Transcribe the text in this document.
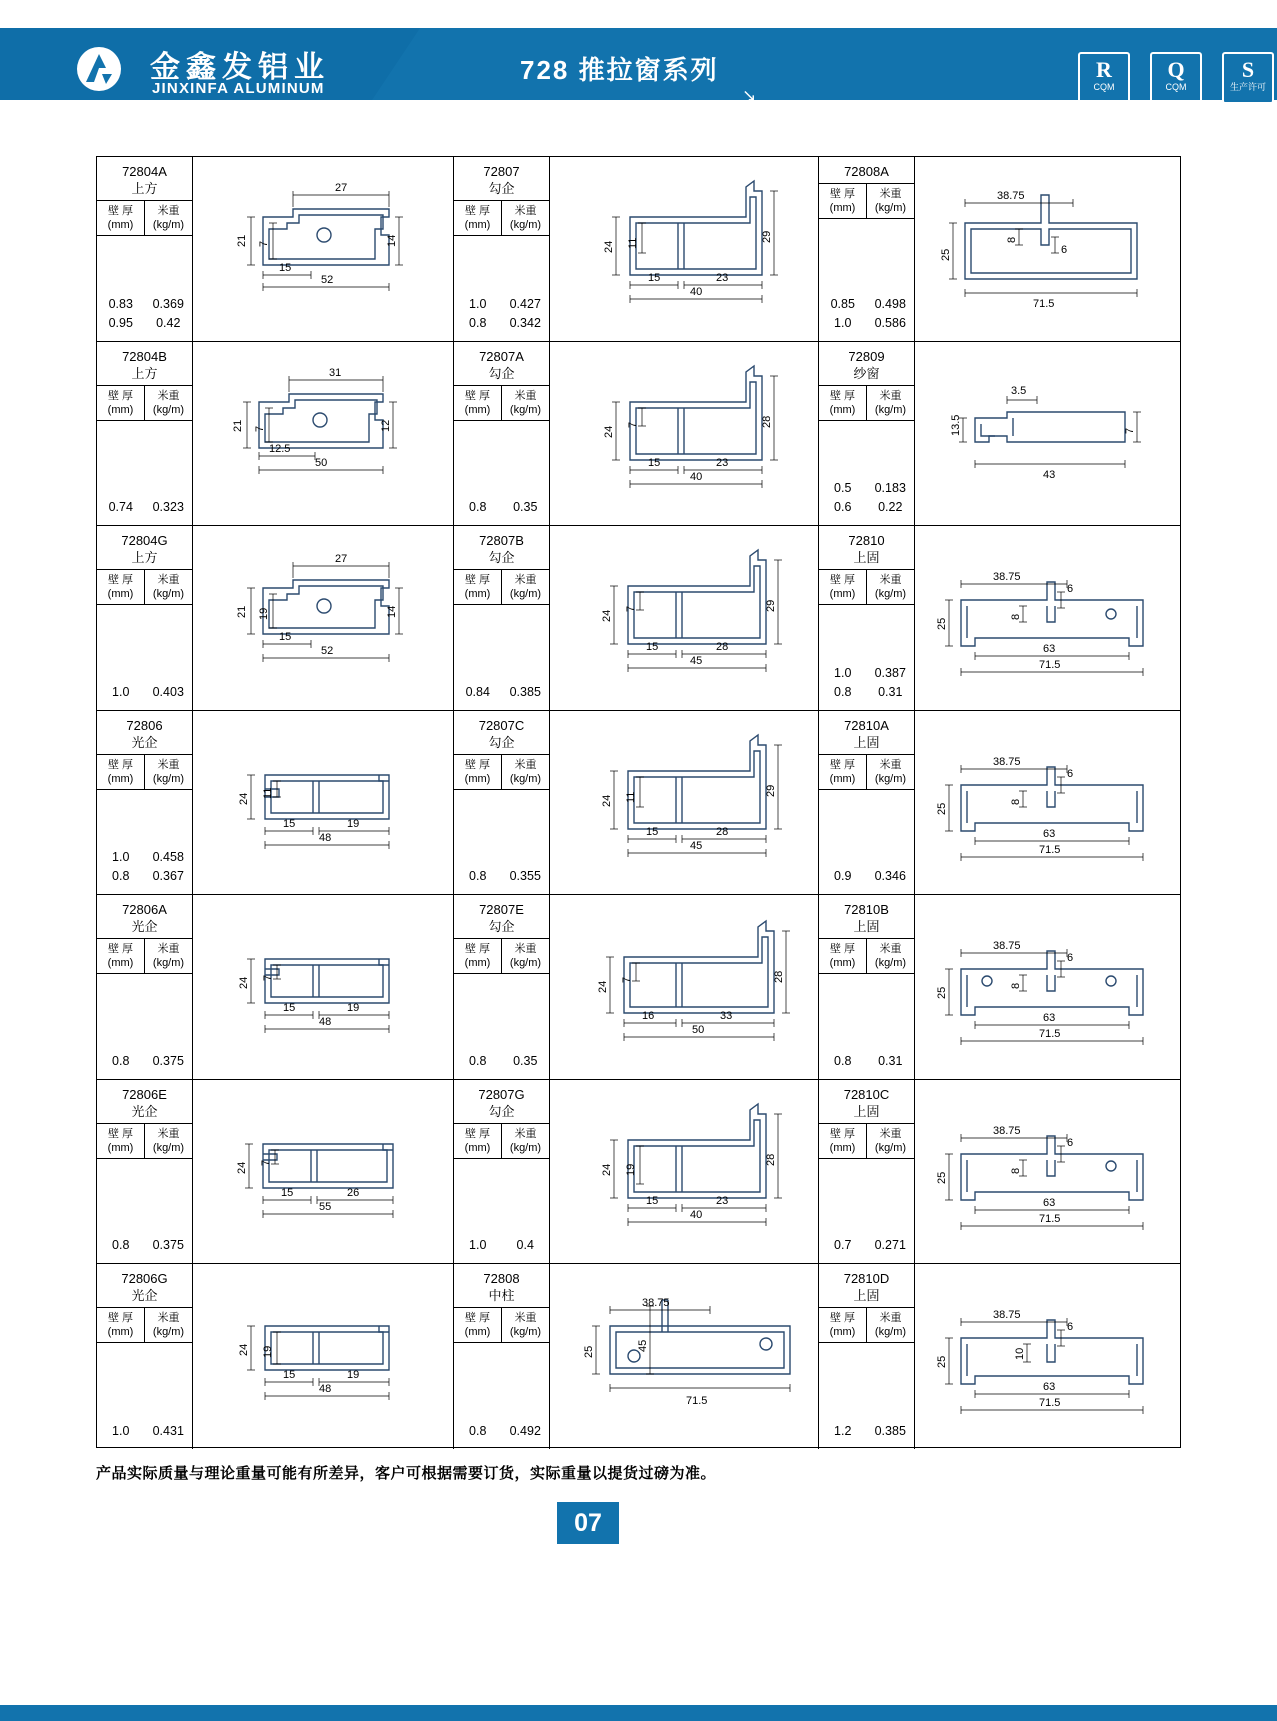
金鑫发铝业
JINXINFA ALUMINUM
728 推拉窗系列
↘
R
CQM
Q
CQM
S
生产许可
72804A
上方
壁 厚
(mm)
米重
(kg/m)
0.83	0.369
0.95	0.42
27
15
52
21 7	14
72807
勾企
壁 厚
(mm)
米重
(kg/m)
1.0	0.427
0.8	0.342
24 11
29
15	23
40
72808A
壁 厚
(mm)
米重
(kg/m)
0.85	0.498
1.0	0.586
38.75
25
8
6
71.5
72804B
上方
壁 厚
(mm)
米重
(kg/m)
0.74	0.323
31
12.5
50
21 7	12
72807A
勾企
壁 厚
(mm)
米重
(kg/m)
0.8	0.35
24
7	28
15	23
40
72809
纱窗
壁 厚
(mm)
米重
(kg/m)
0.5	0.183
0.6	0.22
3.5
13.5	7
43
72804G
上方
壁 厚
(mm)
米重
(kg/m)
1.0	0.403
27
15
52
21 19	14
72807B
勾企
壁 厚
(mm)
米重
(kg/m)
0.84	0.385
24
7	29
15	28
45
72810
上固
壁 厚
(mm)
米重
(kg/m)
1.0	0.387
0.8	0.31
38.75
25
8
6
63
71.5
72806
光企
壁 厚
(mm)
米重
(kg/m)
1.0	0.458
0.8	0.367
24 11
15	19
48
72807C
勾企
壁 厚
(mm)
米重
(kg/m)
0.8	0.355
24 11
29
15	28
45
72810A
上固
壁 厚
(mm)
米重
(kg/m)
0.9	0.346
38.75
25
8
6
63
71.5
72806A
光企
壁 厚
(mm)
米重
(kg/m)
0.8	0.375
24 7
15	19
48
72807E
勾企
壁 厚
(mm)
米重
(kg/m)
0.8	0.35
24
7	28
16	33
50
72810B
上固
壁 厚
(mm)
米重
(kg/m)
0.8	0.31
38.75
25
8
6
63
71.5
72806E
光企
壁 厚
(mm)
米重
(kg/m)
0.8	0.375
24 7
15	26
55
72807G
勾企
壁 厚
(mm)
米重
(kg/m)
1.0	0.4
24 19
28
15	23
40
72810C
上固
壁 厚
(mm)
米重
(kg/m)
0.7	0.271
38.75
25
8
6
63
71.5
72806G
光企
壁 厚
(mm)
米重
(kg/m)
1.0	0.431
24 19
15	19
48
72808
中柱
壁 厚
(mm)
米重
(kg/m)
0.8	0.492
38.75
25	45
71.5
72810D
上固
壁 厚
(mm)
米重
(kg/m)
1.2	0.385
38.75
25
10
6
63
71.5
产品实际质量与理论重量可能有所差异，客户可根据需要订货，实际重量以提货过磅为准。
07
